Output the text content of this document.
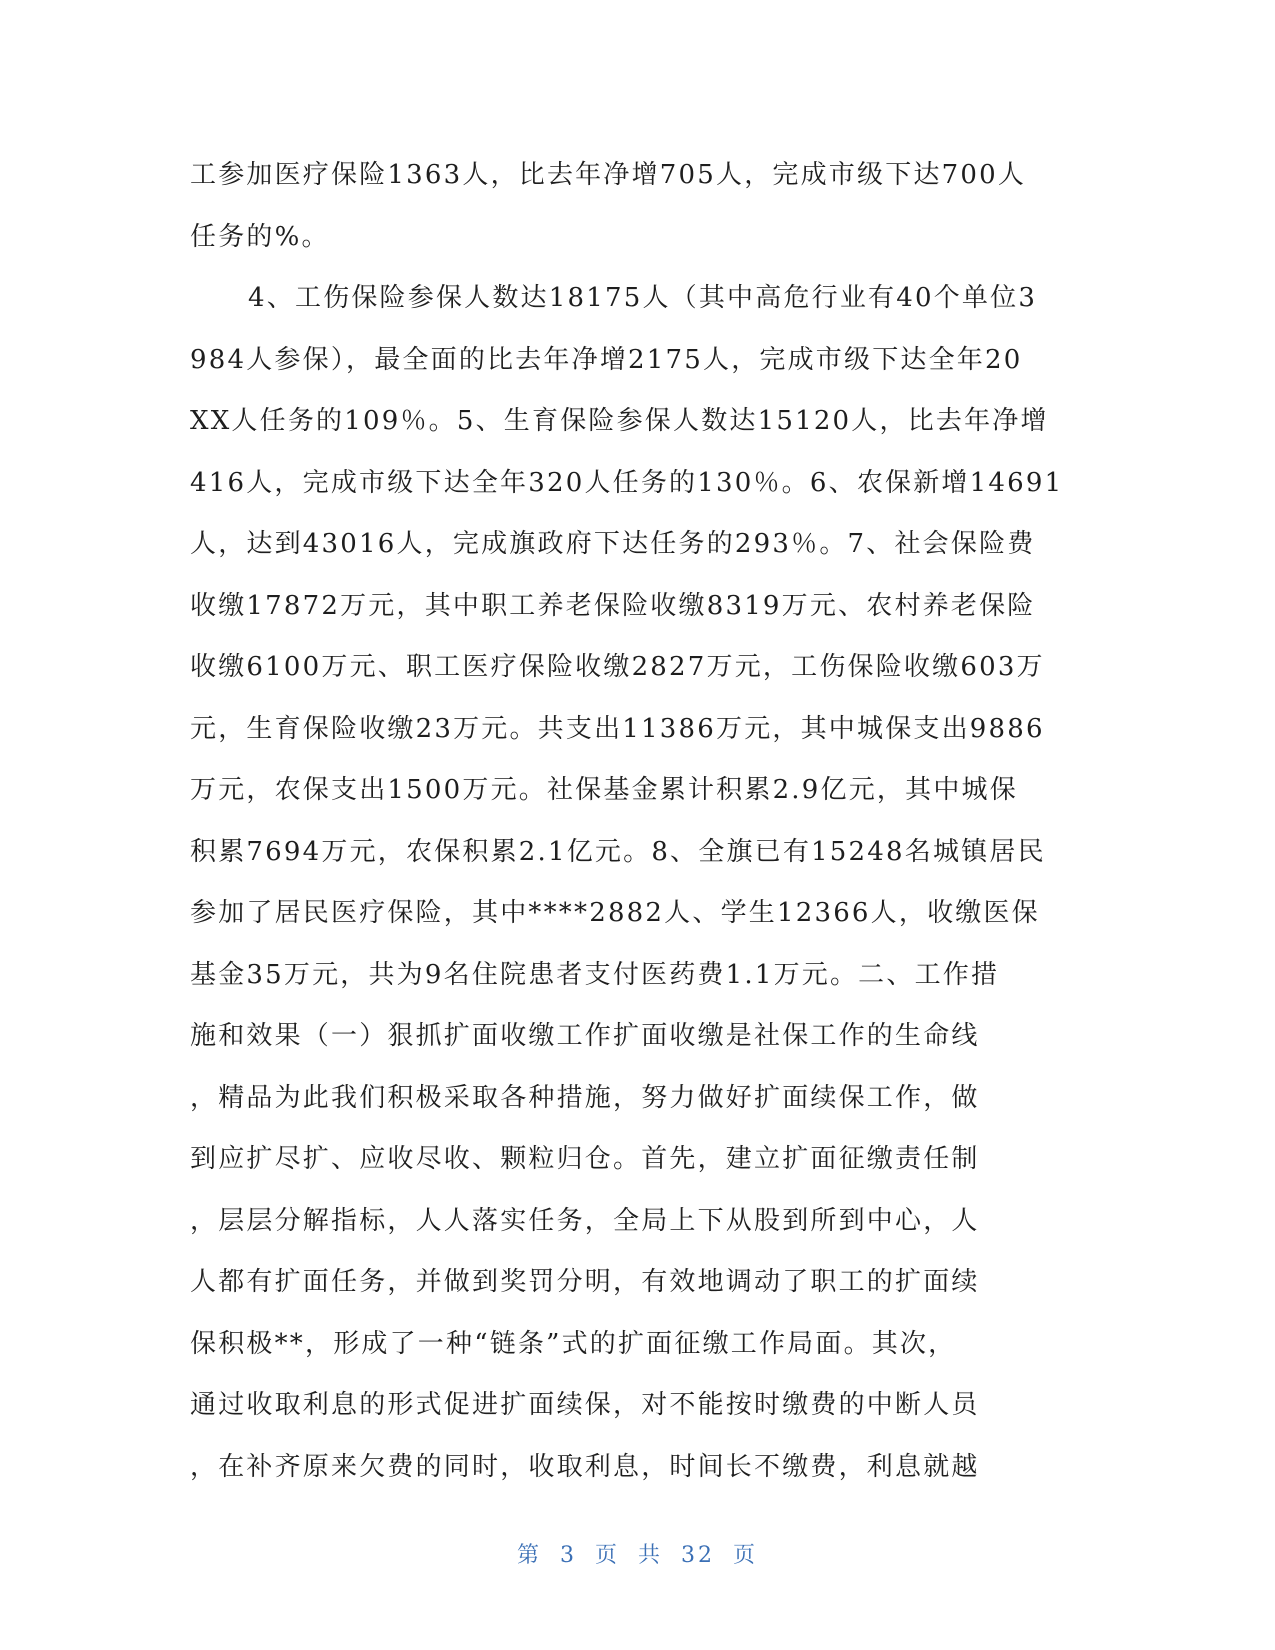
工参加医疗保险1363人，比去年净增705人，完成市级下达700人
任务的%。
4、工伤保险参保人数达18175人（其中高危行业有40个单位3
984人参保），最全面的比去年净增2175人，完成市级下达全年20
XX人任务的109％。5、生育保险参保人数达15120人，比去年净增
416人，完成市级下达全年320人任务的130％。6、农保新增14691
人，达到43016人，完成旗政府下达任务的293％。7、社会保险费
收缴17872万元，其中职工养老保险收缴8319万元、农村养老保险
收缴6100万元、职工医疗保险收缴2827万元，工伤保险收缴603万
元，生育保险收缴23万元。共支出11386万元，其中城保支出9886
万元，农保支出1500万元。社保基金累计积累2.9亿元，其中城保
积累7694万元，农保积累2.1亿元。8、全旗已有15248名城镇居民
参加了居民医疗保险，其中****2882人、学生12366人，收缴医保
基金35万元，共为9名住院患者支付医药费1.1万元。二、工作措
施和效果（一）狠抓扩面收缴工作扩面收缴是社保工作的生命线
，精品为此我们积极采取各种措施，努力做好扩面续保工作，做
到应扩尽扩、应收尽收、颗粒归仓。首先，建立扩面征缴责任制
，层层分解指标，人人落实任务，全局上下从股到所到中心，人
人都有扩面任务，并做到奖罚分明，有效地调动了职工的扩面续
保积极**，形成了一种“链条”式的扩面征缴工作局面。其次，
通过收取利息的形式促进扩面续保，对不能按时缴费的中断人员
，在补齐原来欠费的同时，收取利息，时间长不缴费，利息就越
第 3 页 共 32 页
